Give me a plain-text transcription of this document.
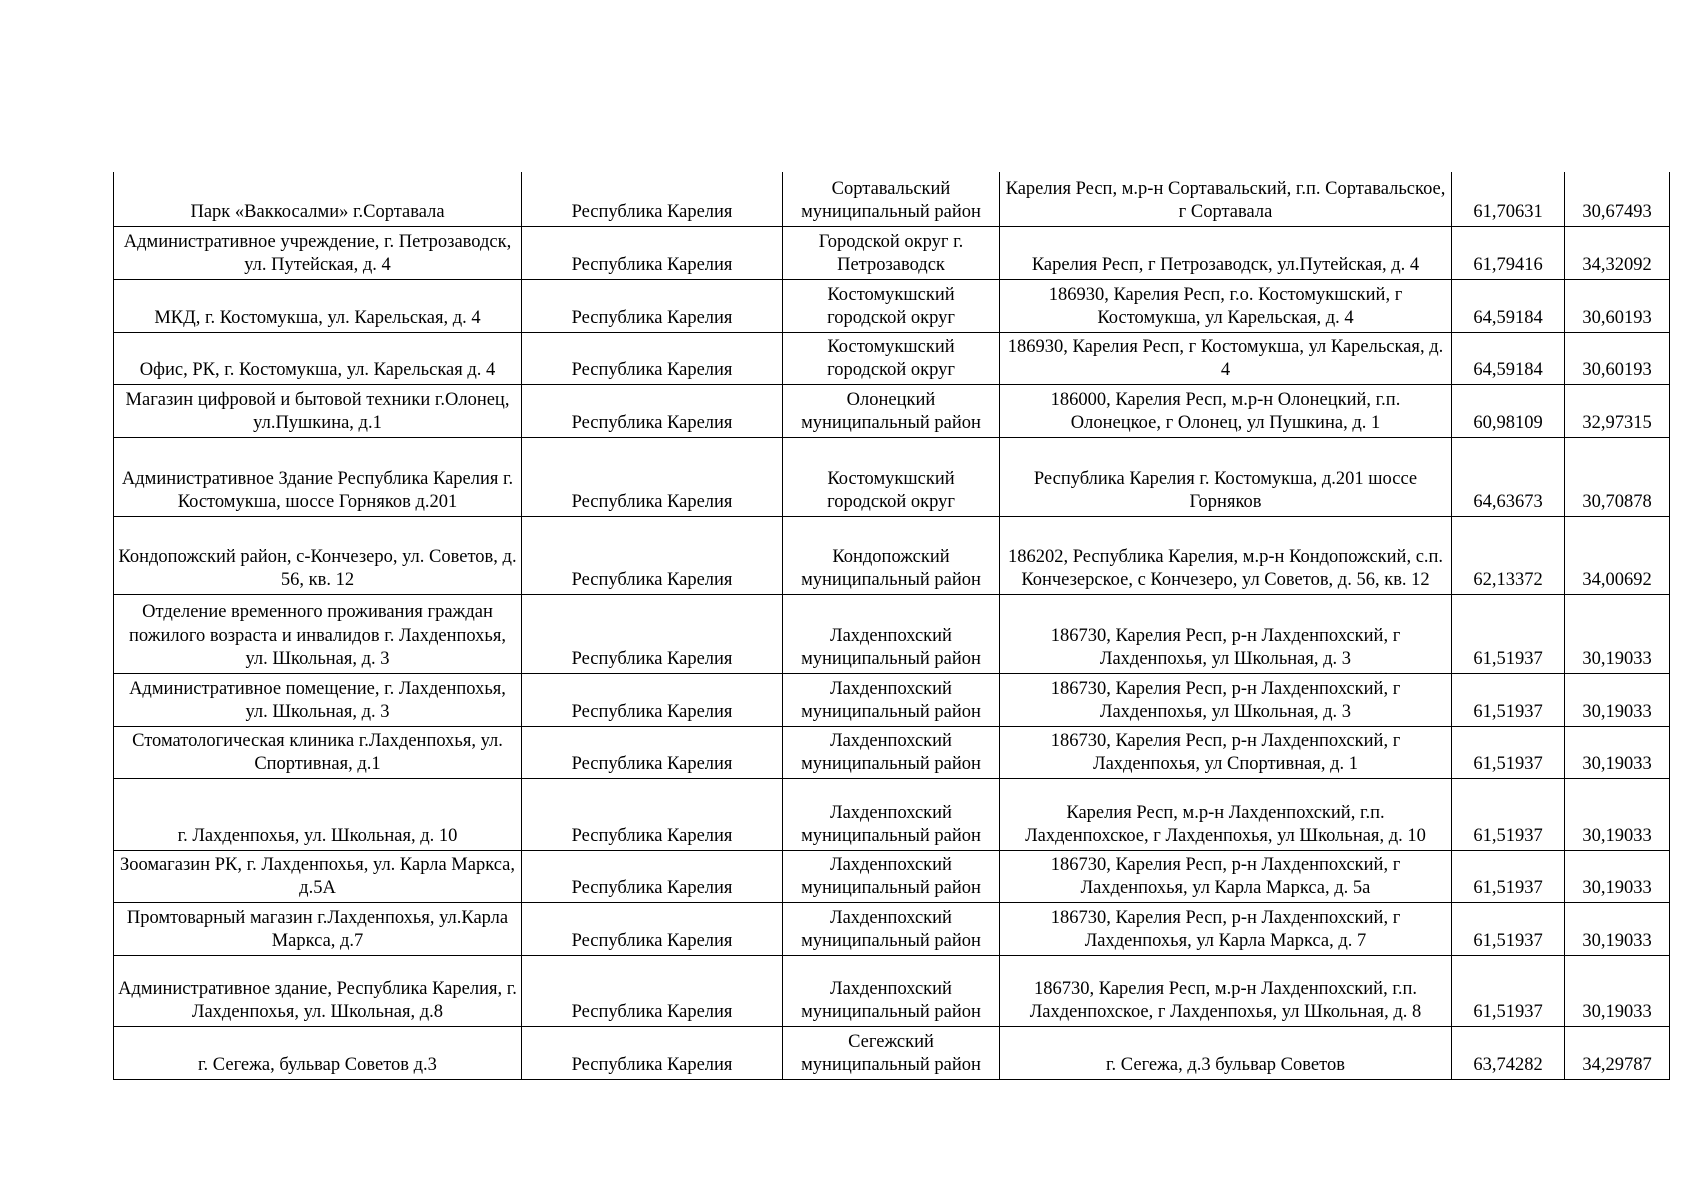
Парк «Ваккосалми» г.Сортавала	Республика Карелия	Сортавальский муниципальный район	Карелия Респ, м.р-н Сортавальский, г.п. Сортавальское, г Сортавала	61,70631	30,67493
Административное учреждение, г. Петрозаводск, ул. Путейская, д. 4	Республика Карелия	Городской округ г. Петрозаводск	Карелия Респ, г Петрозаводск, ул.Путейская, д. 4	61,79416	34,32092
МКД, г. Костомукша, ул. Карельская, д. 4	Республика Карелия	Костомукшский городской округ	186930, Карелия Респ, г.о. Костомукшский, г Костомукша, ул Карельская, д. 4	64,59184	30,60193
Офис, РК, г. Костомукша, ул. Карельская д. 4	Республика Карелия	Костомукшский городской округ	186930, Карелия Респ, г Костомукша, ул Карельская, д. 4	64,59184	30,60193
Магазин цифровой и бытовой техники г.Олонец, ул.Пушкина, д.1	Республика Карелия	Олонецкий муниципальный район	186000, Карелия Респ, м.р-н Олонецкий, г.п. Олонецкое, г Олонец, ул Пушкина, д. 1	60,98109	32,97315
Административное Здание Республика Карелия г. Костомукша, шоссе Горняков д.201	Республика Карелия	Костомукшский городской округ	Республика Карелия г. Костомукша, д.201 шоссе Горняков	64,63673	30,70878
Кондопожский район, с-Кончезеро, ул. Советов, д. 56, кв. 12	Республика Карелия	Кондопожский муниципальный район	186202, Республика Карелия, м.р-н Кондопожский, с.п. Кончезерское, с Кончезеро, ул Советов, д. 56, кв. 12	62,13372	34,00692
Отделение временного проживания граждан пожилого возраста и инвалидов г. Лахденпохья, ул. Школьная, д. 3	Республика Карелия	Лахденпохский муниципальный район	186730, Карелия Респ, р-н Лахденпохский, г Лахденпохья, ул Школьная, д. 3	61,51937	30,19033
Административное помещение, г. Лахденпохья, ул. Школьная, д. 3	Республика Карелия	Лахденпохский муниципальный район	186730, Карелия Респ, р-н Лахденпохский, г Лахденпохья, ул Школьная, д. 3	61,51937	30,19033
Стоматологическая клиника г.Лахденпохья, ул. Спортивная, д.1	Республика Карелия	Лахденпохский муниципальный район	186730, Карелия Респ, р-н Лахденпохский, г Лахденпохья, ул Спортивная, д. 1	61,51937	30,19033
г. Лахденпохья, ул. Школьная, д. 10	Республика Карелия	Лахденпохский муниципальный район	Карелия Респ, м.р-н Лахденпохский, г.п. Лахденпохское, г Лахденпохья, ул Школьная, д. 10	61,51937	30,19033
Зоомагазин РК, г. Лахденпохья, ул. Карла Маркса, д.5А	Республика Карелия	Лахденпохский муниципальный район	186730, Карелия Респ, р-н Лахденпохский, г Лахденпохья, ул Карла Маркса, д. 5а	61,51937	30,19033
Промтоварный магазин г.Лахденпохья, ул.Карла Маркса, д.7	Республика Карелия	Лахденпохский муниципальный район	186730, Карелия Респ, р-н Лахденпохский, г Лахденпохья, ул Карла Маркса, д. 7	61,51937	30,19033
Административное здание, Республика Карелия, г. Лахденпохья, ул. Школьная, д.8	Республика Карелия	Лахденпохский муниципальный район	186730, Карелия Респ, м.р-н Лахденпохский, г.п. Лахденпохское, г Лахденпохья, ул Школьная, д. 8	61,51937	30,19033
г. Сегежа, бульвар Советов д.3	Республика Карелия	Сегежский муниципальный район	г. Сегежа, д.3 бульвар Советов	63,74282	34,29787
